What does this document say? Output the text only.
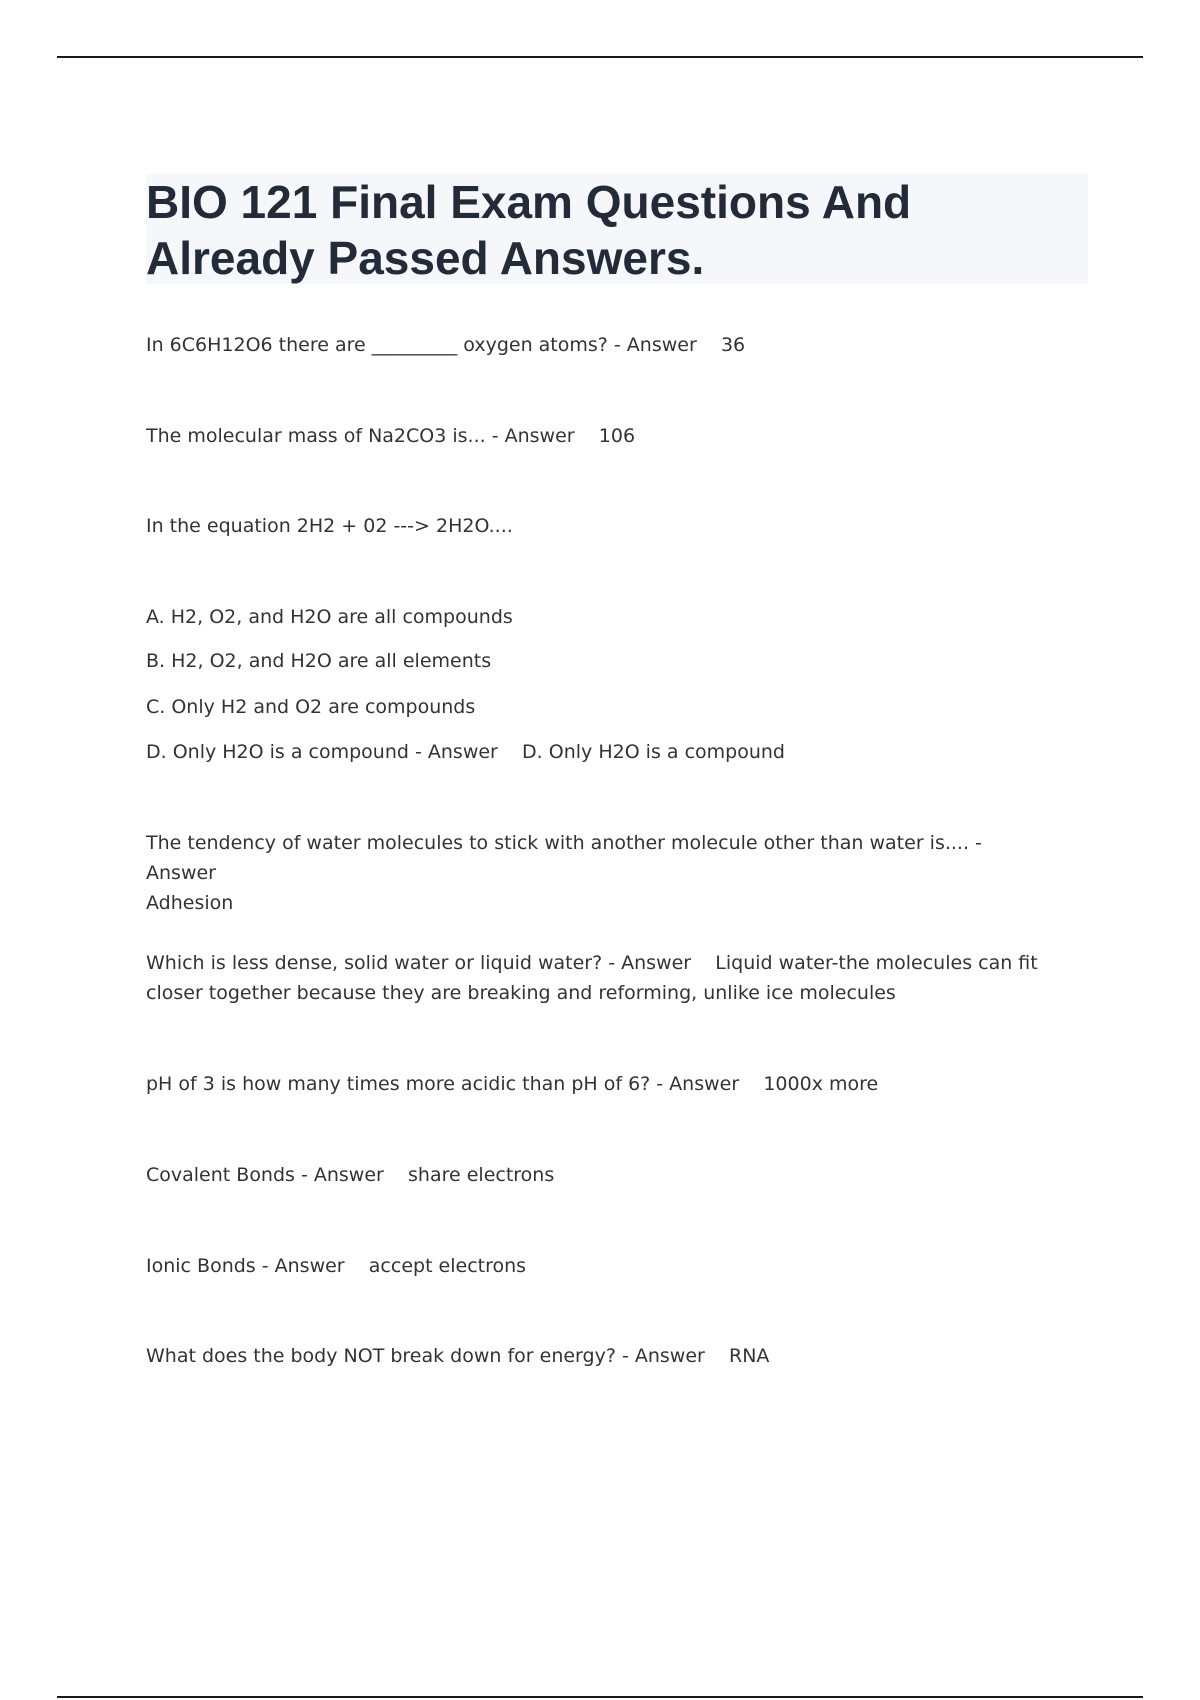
BIO 121 Final Exam Questions And
Already Passed Answers.
In 6C6H12O6 there are _________ oxygen atoms? - Answer 36
The molecular mass of Na2CO3 is... - Answer 106
In the equation 2H2 + 02 ---> 2H2O....
A. H2, O2, and H2O are all compounds
B. H2, O2, and H2O are all elements
C. Only H2 and O2 are compounds
D. Only H2O is a compound - Answer D. Only H2O is a compound
The tendency of water molecules to stick with another molecule other than water is.... - Answer
Adhesion
Which is less dense, solid water or liquid water? - Answer Liquid water-the molecules can fit closer together because they are breaking and reforming, unlike ice molecules
pH of 3 is how many times more acidic than pH of 6? - Answer 1000x more
Covalent Bonds - Answer share electrons
Ionic Bonds - Answer accept electrons
What does the body NOT break down for energy? - Answer RNA
